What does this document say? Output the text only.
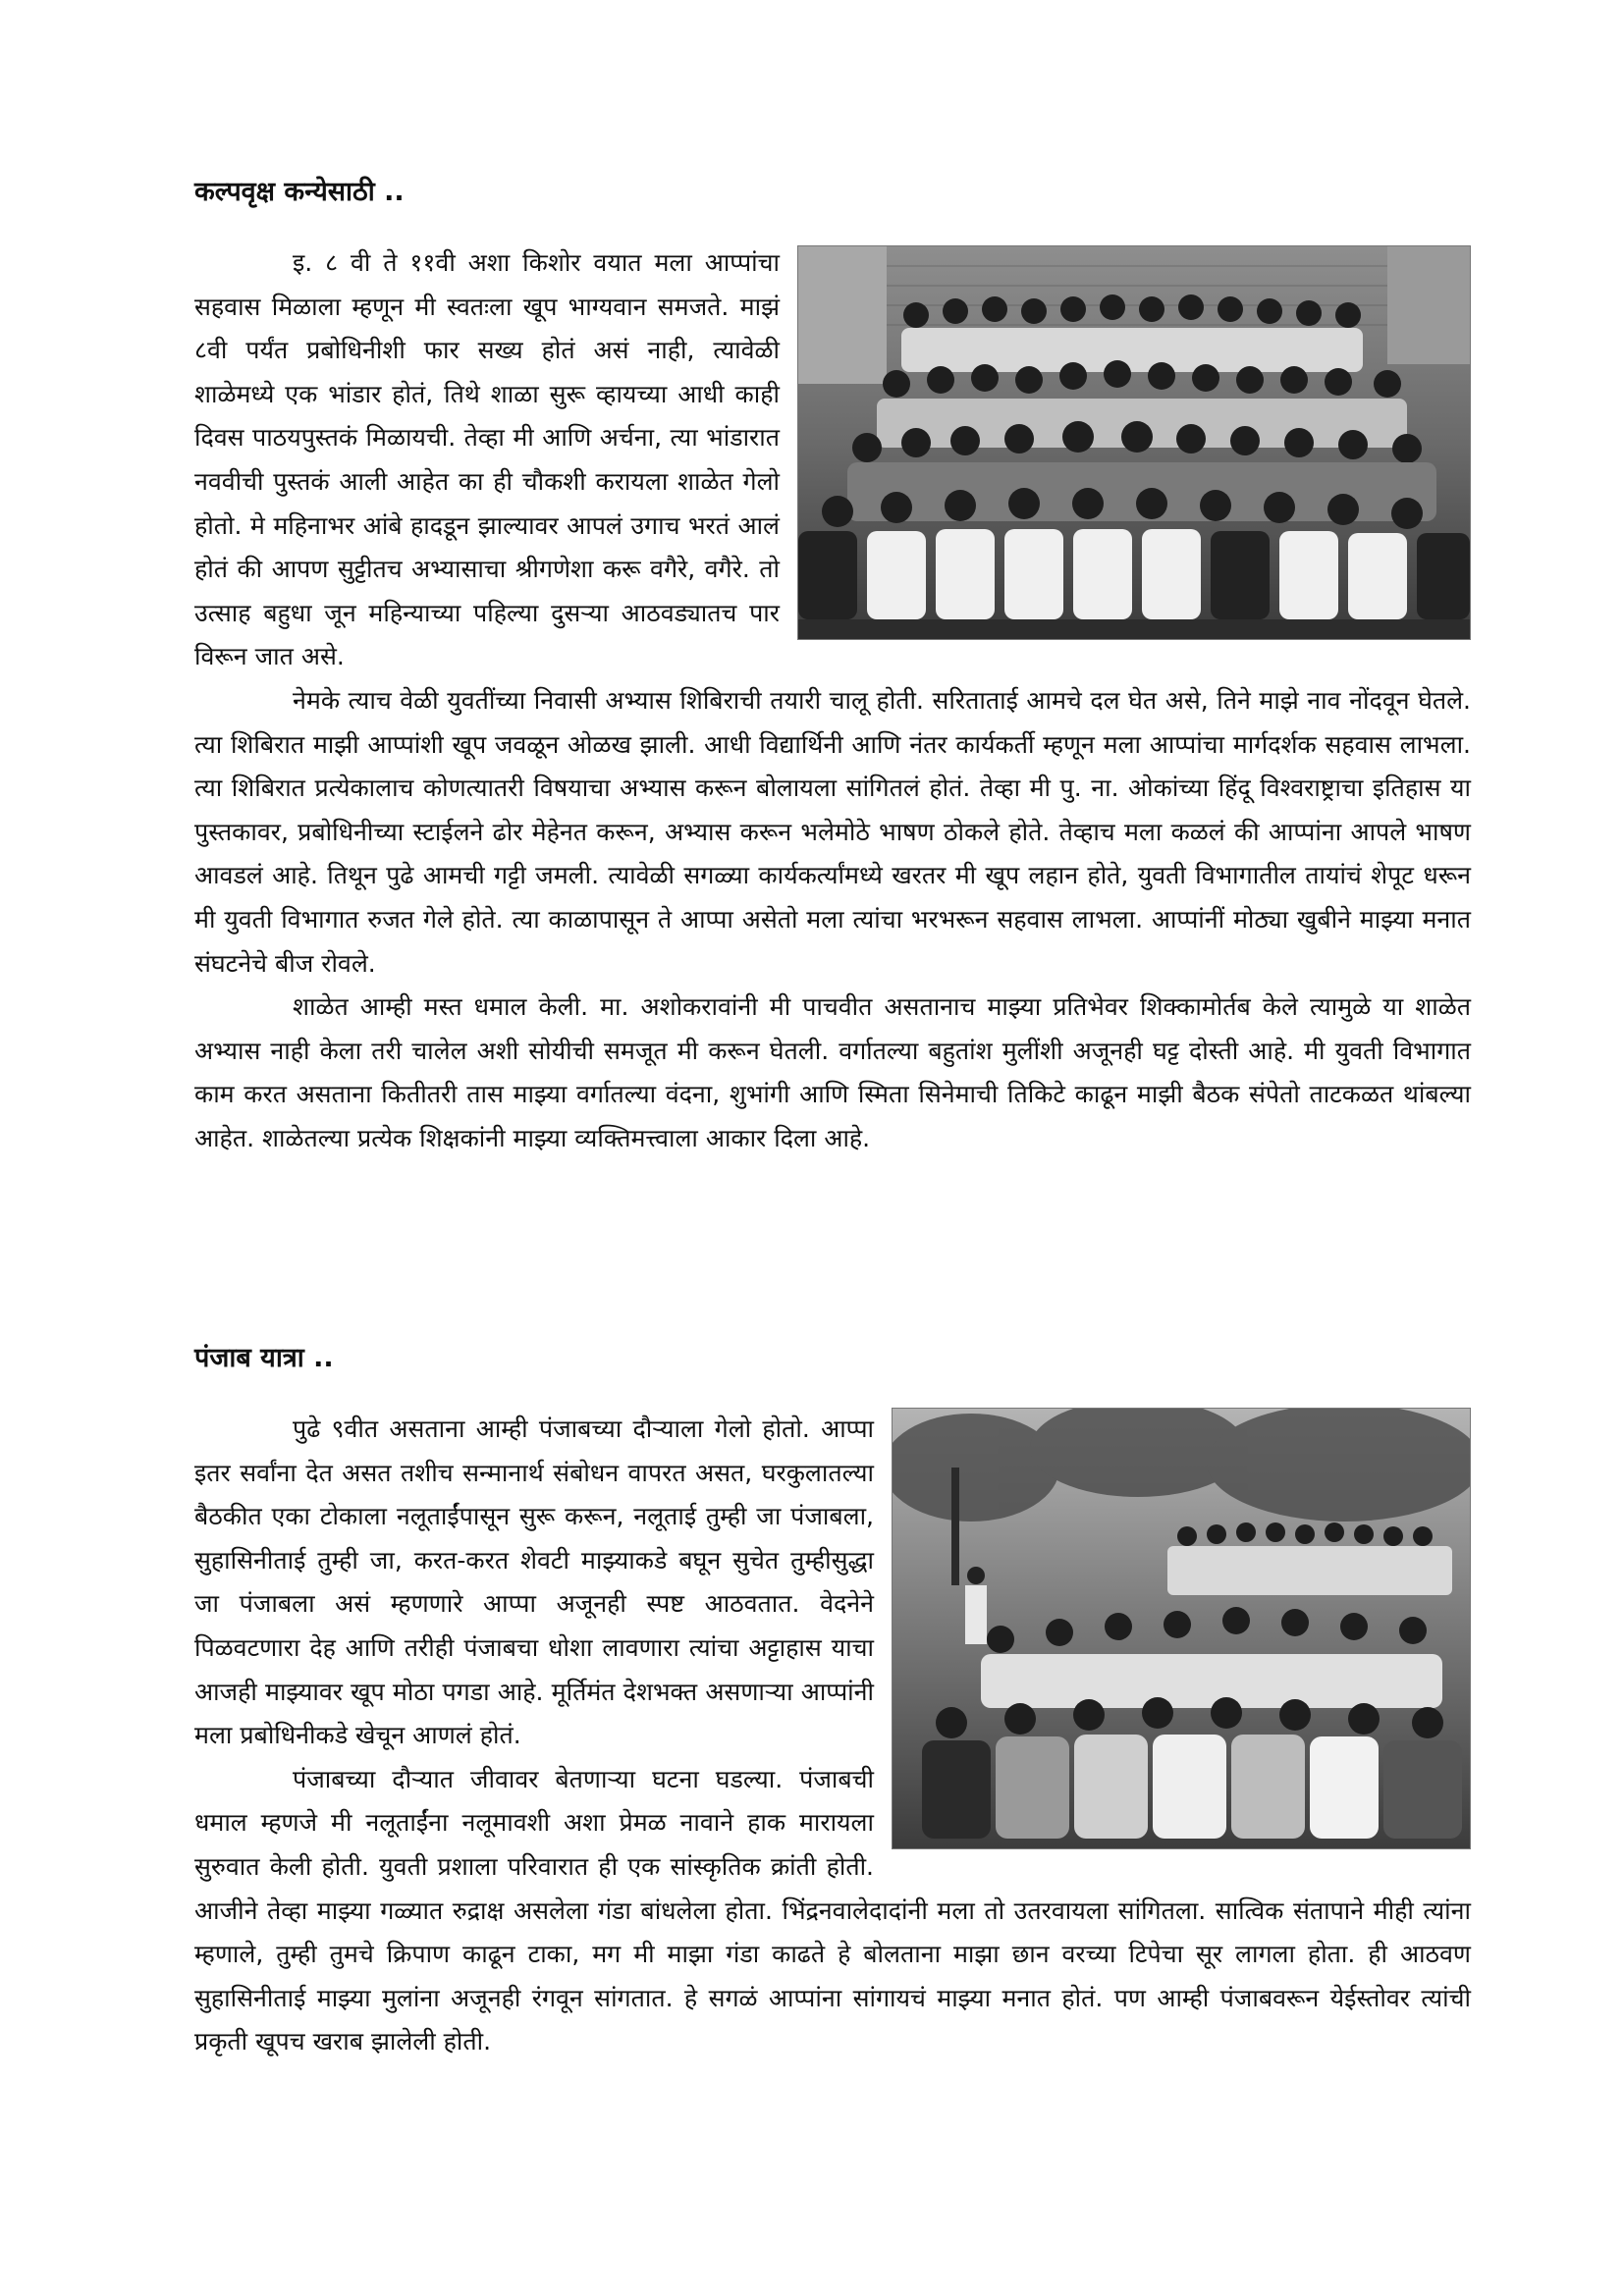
कल्पवृक्ष कन्येसाठी ..

इ. ८ वी ते ११वी अशा किशोर वयात मला आप्पांचा सहवास मिळाला म्हणून मी स्वतःला खूप भाग्यवान समजते. माझं ८वी पर्यंत प्रबोधिनीशी फार सख्य होतं असं नाही, त्यावेळी शाळेमध्ये एक भांडार होतं, तिथे शाळा सुरू व्हायच्या आधी काही दिवस पाठयपुस्तकं मिळायची. तेव्हा मी आणि अर्चना, त्या भांडारात नववीची पुस्तकं आली आहेत का ही चौकशी करायला शाळेत गेलो होतो. मे महिनाभर आंबे हादडून झाल्यावर आपलं उगाच भरतं आलं होतं की आपण सुट्टीतच अभ्यासाचा श्रीगणेशा करू वगैरे, वगैरे. तो उत्साह बहुधा जून महिन्याच्या पहिल्या दुसऱ्या आठवड्यातच पार विरून जात असे.

नेमके त्याच वेळी युवतींच्या निवासी अभ्यास शिबिराची तयारी चालू होती. सरिताताई आमचे दल घेत असे, तिने माझे नाव नोंदवून घेतले. त्या शिबिरात माझी आप्पांशी खूप जवळून ओळख झाली. आधी विद्यार्थिनी आणि नंतर कार्यकर्ती म्हणून मला आप्पांचा मार्गदर्शक सहवास लाभला. त्या शिबिरात प्रत्येकालाच कोणत्यातरी विषयाचा अभ्यास करून बोलायला सांगितलं होतं. तेव्हा मी पु. ना. ओकांच्या हिंदू विश्वराष्ट्राचा इतिहास या पुस्तकावर, प्रबोधिनीच्या स्टाईलने ढोर मेहेनत करून, अभ्यास करून भलेमोठे भाषण ठोकले होते. तेव्हाच मला कळलं की आप्पांना आपले भाषण आवडलं आहे. तिथून पुढे आमची गट्टी जमली. त्यावेळी सगळ्या कार्यकर्त्यांमध्ये खरतर मी खूप लहान होते, युवती विभागातील तायांचं शेपूट धरून मी युवती विभागात रुजत गेले होते. त्या काळापासून ते आप्पा असेतो मला त्यांचा भरभरून सहवास लाभला. आप्पांनीं मोठ्या खुबीने माझ्या मनात संघटनेचे बीज रोवले.

शाळेत आम्ही मस्त धमाल केली. मा. अशोकरावांनी मी पाचवीत असतानाच माझ्या प्रतिभेवर शिक्कामोर्तब केले त्यामुळे या शाळेत अभ्यास नाही केला तरी चालेल अशी सोयीची समजूत मी करून घेतली. वर्गातल्या बहुतांश मुलींशी अजूनही घट्ट दोस्ती आहे. मी युवती विभागात काम करत असताना कितीतरी तास माझ्या वर्गातल्या वंदना, शुभांगी आणि स्मिता सिनेमाची तिकिटे काढून माझी बैठक संपेतो ताटकळत थांबल्या आहेत. शाळेतल्या प्रत्येक शिक्षकांनी माझ्या व्यक्तिमत्त्वाला आकार दिला आहे.

पंजाब यात्रा ..

पुढे ९वीत असताना आम्ही पंजाबच्या दौऱ्याला गेलो होतो. आप्पा इतर सर्वांना देत असत तशीच सन्मानार्थ संबोधन वापरत असत, घरकुलातल्या बैठकीत एका टोकाला नलूताईंपासून सुरू करून, नलूताई तुम्ही जा पंजाबला, सुहासिनीताई तुम्ही जा, करत-करत शेवटी माझ्याकडे बघून सुचेत तुम्हीसुद्धा जा पंजाबला असं म्हणणारे आप्पा अजूनही स्पष्ट आठवतात. वेदनेने पिळवटणारा देह आणि तरीही पंजाबचा धोशा लावणारा त्यांचा अट्टाहास याचा आजही माझ्यावर खूप मोठा पगडा आहे. मूर्तिमंत देशभक्त असणाऱ्या आप्पांनी मला प्रबोधिनीकडे खेचून आणलं होतं.

पंजाबच्या दौऱ्यात जीवावर बेतणाऱ्या घटना घडल्या. पंजाबची धमाल म्हणजे मी नलूताईंना नलूमावशी अशा प्रेमळ नावाने हाक मारायला सुरुवात केली होती. युवती प्रशाला परिवारात ही एक सांस्कृतिक क्रांती होती. आजीने तेव्हा माझ्या गळ्यात रुद्राक्ष असलेला गंडा बांधलेला होता. भिंद्रनवालेदादांनी मला तो उतरवायला सांगितला. सात्विक संतापाने मीही त्यांना म्हणाले, तुम्ही तुमचे क्रिपाण काढून टाका, मग मी माझा गंडा काढते हे बोलताना माझा छान वरच्या टिपेचा सूर लागला होता. ही आठवण सुहासिनीताई माझ्या मुलांना अजूनही रंगवून सांगतात. हे सगळं आप्पांना सांगायचं माझ्या मनात होतं. पण आम्ही पंजाबवरून येईस्तोवर त्यांची प्रकृती खूपच खराब झालेली होती.
